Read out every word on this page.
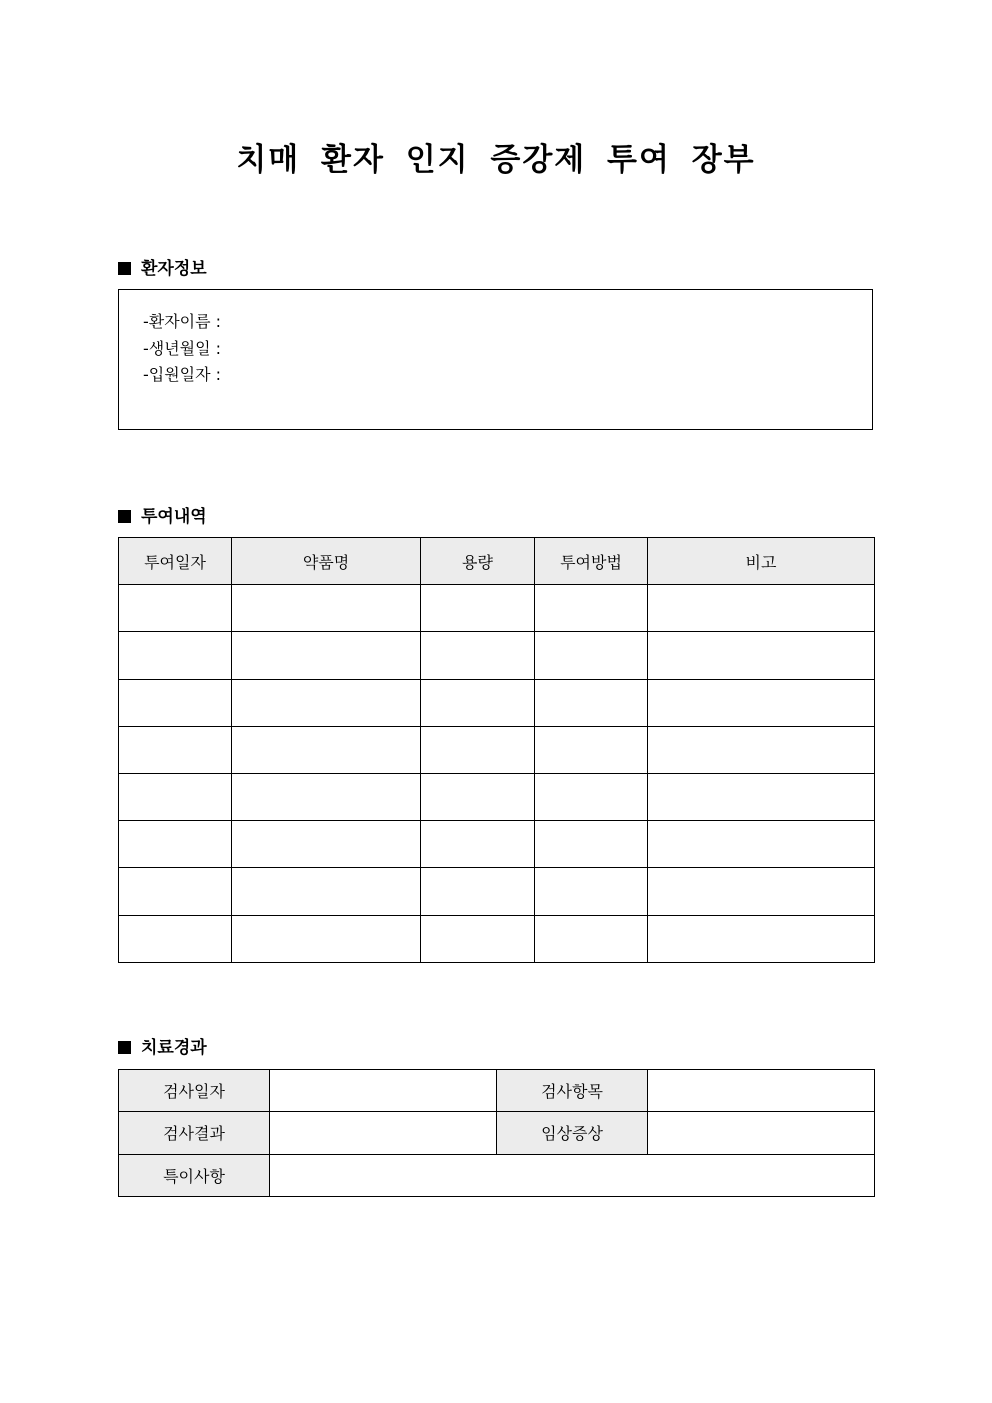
치매 환자 인지 증강제 투여 장부
환자정보
-환자이름 :
-생년월일 :
-입원일자 :
투여내역
투여일자	약품명	용량	투여방법	비고

치료경과
검사일자		검사항목	
검사결과		임상증상	
특이사항			
